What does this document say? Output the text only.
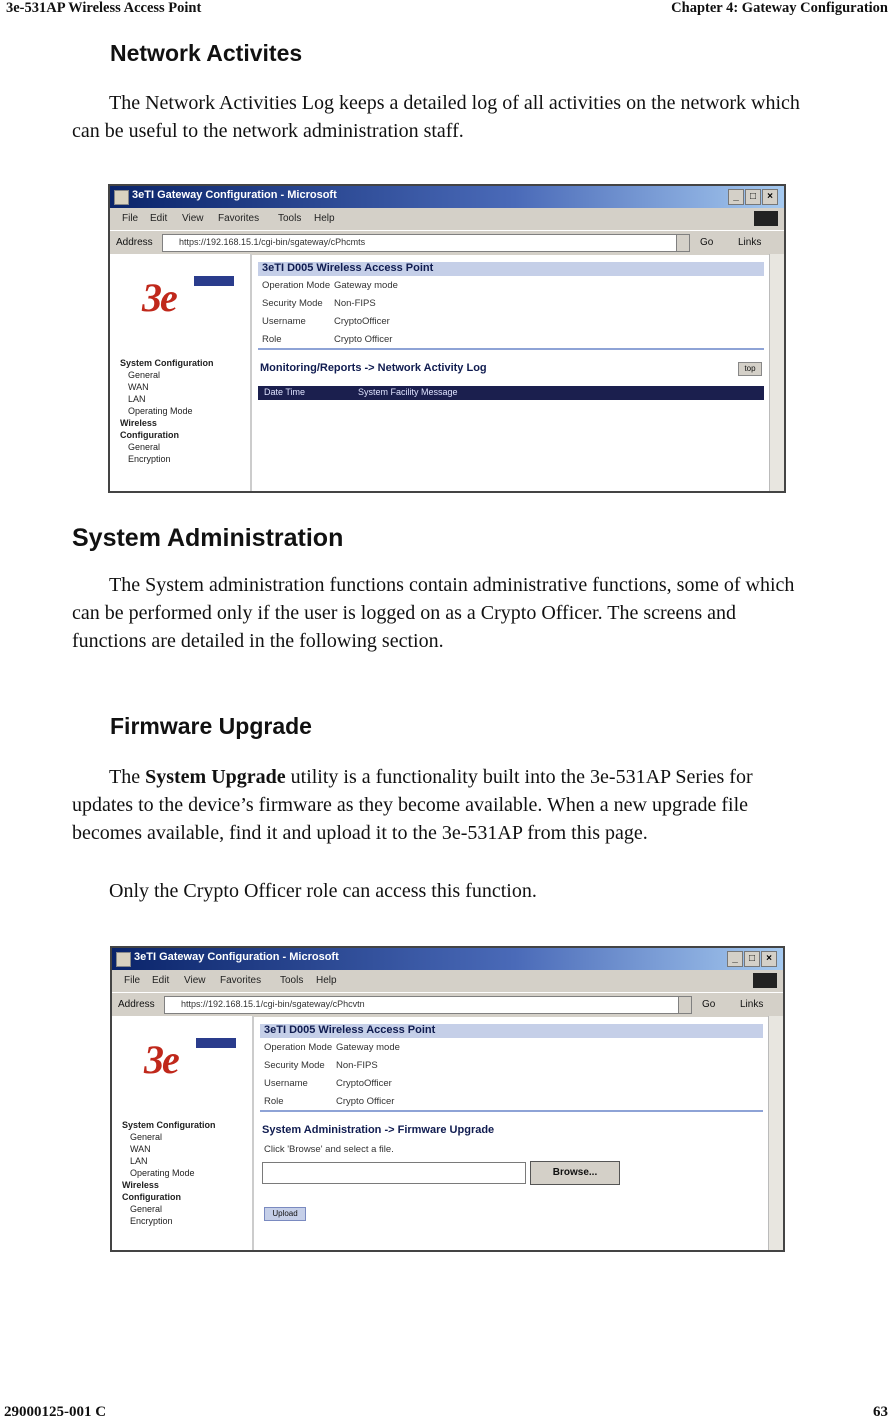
3e-531AP Wireless Access Point	Chapter 4: Gateway Configuration
Network Activites

The Network Activities Log keeps a detailed log of all activities on the network which can be useful to the network administration staff.

3eTI Gateway Configuration - Microsoft	_	□	×
File Edit View Favorites Tools Help
Address	https://192.168.15.1/cgi-bin/sgateway/cPhcmts	Go Links
3e
System Configuration
General
WAN
LAN
Operating Mode
Wireless
Configuration
General
Encryption
3eTI D005 Wireless Access Point
Operation Mode Gateway mode
Security Mode Non-FIPS
Username	CryptoOfficer
Role	Crypto Officer
Monitoring/Reports -> Network Activity Log	top
Date Time	System Facility Message
System Administration

The System administration functions contain administrative functions, some of which can be performed only if the user is logged on as a Crypto Officer. The screens and functions are detailed in the following section.

Firmware Upgrade

The System Upgrade utility is a functionality built into the 3e-531AP Series for updates to the device’s firmware as they become available. When a new upgrade file becomes available, find it and upload it to the 3e-531AP from this page.

Only the Crypto Officer role can access this function.

3eTI Gateway Configuration - Microsoft	_	□	×
File Edit View Favorites Tools Help
Address	https://192.168.15.1/cgi-bin/sgateway/cPhcvtn	Go Links
3e
System Configuration
General
WAN
LAN
Operating Mode
Wireless
Configuration
General
Encryption
3eTI D005 Wireless Access Point
Operation Mode Gateway mode
Security Mode Non-FIPS
Username	CryptoOfficer
Role	Crypto Officer
System Administration -> Firmware Upgrade
Click 'Browse' and select a file.
Browse...
Upload
29000125-001 C	63
